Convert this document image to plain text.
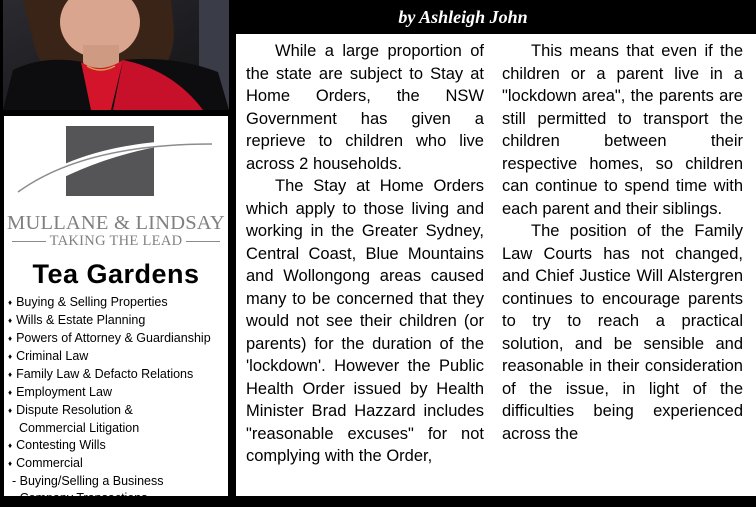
MULLANE & LINDSAY
TAKING THE LEAD
Tea Gardens
♦ Buying & Selling Properties
♦ Wills & Estate Planning
♦ Powers of Attorney & Guardianship
♦ Criminal Law
♦ Family Law & Defacto Relations
♦ Employment Law
♦ Dispute Resolution &
Commercial Litigation
♦ Contesting Wills
♦ Commercial
- Buying/Selling a Business
- Company Transactions
by Ashleigh John

While a large proportion of the state are subject to Stay at Home Orders, the NSW Government has given a reprieve to children who live across 2 households.

The Stay at Home Orders which apply to those living and working in the Greater Sydney, Central Coast, Blue Mountains and Wollongong areas caused many to be concerned that they would not see their children (or parents) for the duration of the 'lockdown'. However the Public Health Order issued by Health Minister Brad Hazzard includes "reasonable excuses" for not complying with the Order,

This means that even if the children or a parent live in a "lockdown area", the parents are still permitted to transport the children between their respective homes, so children can continue to spend time with each parent and their siblings.

The position of the Family Law Courts has not changed, and Chief Justice Will Alstergren continues to encourage parents to try to reach a practical solution, and be sensible and reasonable in their consideration of the issue, in light of the difficulties being experienced across the
